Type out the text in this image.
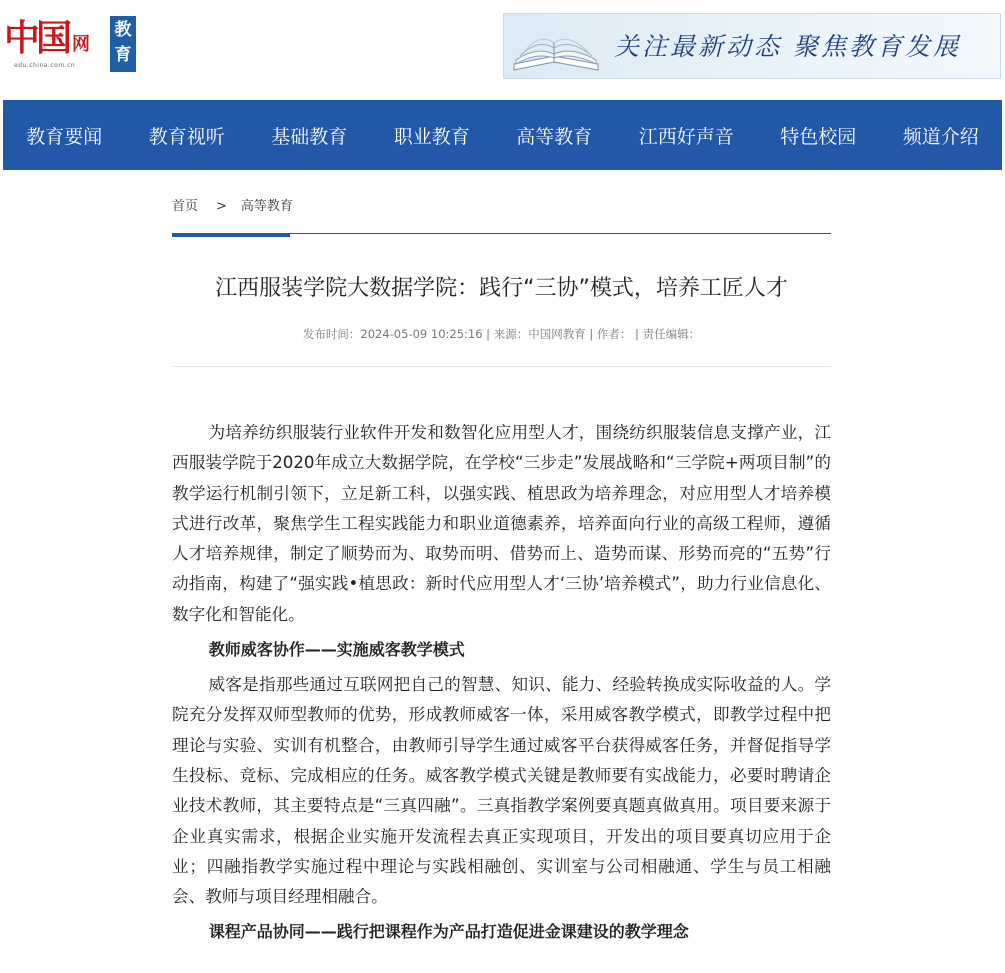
中国 网
edu.china.com.cn
教育	关注最新动态 聚焦教育发展
教育要闻 教育视听 基础教育 职业教育 高等教育 江西好声音 特色校园 频道介绍
首页 > 高等教育
江西服装学院大数据学院：践行“三协”模式，培养工匠人才
发布时间：2024-05-09 10:25:16 | 来源：中国网教育 | 作者： | 责任编辑：

为培养纺织服装行业软件开发和数智化应用型人才，围绕纺织服装信息支撑产业，江西服装学院于2020年成立大数据学院，在学校“三步走”发展战略和“三学院+两项目制”的教学运行机制引领下，立足新工科，以强实践、植思政为培养理念，对应用型人才培养模式进行改革，聚焦学生工程实践能力和职业道德素养，培养面向行业的高级工程师，遵循人才培养规律，制定了顺势而为、取势而明、借势而上、造势而谋、形势而亮的“五势”行动指南，构建了“强实践•植思政：新时代应用型人才‘三协’培养模式”，助力行业信息化、数字化和智能化。

教师威客协作——实施威客教学模式

威客是指那些通过互联网把自己的智慧、知识、能力、经验转换成实际收益的人。学院充分发挥双师型教师的优势，形成教师威客一体，采用威客教学模式，即教学过程中把理论与实验、实训有机整合，由教师引导学生通过威客平台获得威客任务，并督促指导学生投标、竞标、完成相应的任务。威客教学模式关键是教师要有实战能力，必要时聘请企业技术教师，其主要特点是“三真四融”。三真指教学案例要真题真做真用。项目要来源于企业真实需求，根据企业实施开发流程去真正实现项目，开发出的项目要真切应用于企业；四融指教学实施过程中理论与实践相融创、实训室与公司相融通、学生与员工相融会、教师与项目经理相融合。

课程产品协同——践行把课程作为产品打造促进金课建设的教学理念
